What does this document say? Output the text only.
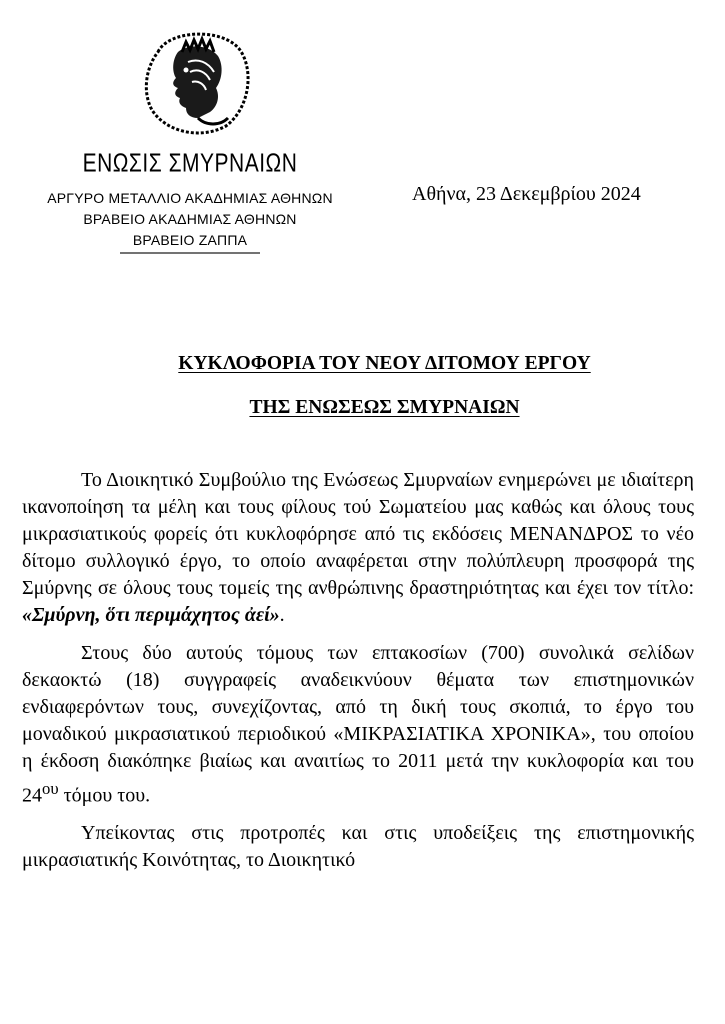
ΕΝΩΣΙΣ ΣΜΥΡΝΑΙΩΝ
ΑΡΓΥΡΟ ΜΕΤΑΛΛΙΟ ΑΚΑΔΗΜΙΑΣ ΑΘΗΝΩΝ
ΒΡΑΒΕΙΟ ΑΚΑΔΗΜΙΑΣ ΑΘΗΝΩΝ
ΒΡΑΒΕΙΟ ΖΑΠΠΑ
Αθήνα, 23 Δεκεμβρίου 2024
ΚΥΚΛΟΦΟΡΙΑ ΤΟΥ ΝΕΟΥ ΔΙΤΟΜΟΥ ΕΡΓΟΥ
ΤΗΣ ΕΝΩΣΕΩΣ ΣΜΥΡΝΑΙΩΝ

Το Διοικητικό Συμβούλιο της Ενώσεως Σμυρναίων ενημερώνει με ιδιαίτερη ικανοποίηση τα μέλη και τους φίλους τού Σωματείου μας καθώς και όλους τους μικρασιατικούς φορείς ότι κυκλοφόρησε από τις εκδόσεις ΜΕΝΑΝΔΡΟΣ το νέο δίτομο συλλογικό έργο, το οποίο αναφέρεται στην πολύπλευρη προσφορά της Σμύρνης σε όλους τους τομείς της ανθρώπινης δραστηριότητας και έχει τον τίτλο: «Σμύρνη, ὅτι περιμάχητος ἀεί».

Στους δύο αυτούς τόμους των επτακοσίων (700) συνολικά σελίδων δεκαοκτώ (18) συγγραφείς αναδεικνύουν θέματα των επιστημονικών ενδιαφερόντων τους, συνεχίζοντας, από τη δική τους σκοπιά, το έργο του μοναδικού μικρασιατικού περιοδικού «ΜΙΚΡΑΣΙΑΤΙΚΑ ΧΡΟΝΙΚΑ», του οποίου η έκδοση διακόπηκε βιαίως και αναιτίως το 2011 μετά την κυκλοφορία και του $24^{o\upsilon}$ τόμου του.

Υπείκοντας στις προτροπές και στις υποδείξεις της επιστημονικής μικρασιατικής Κοινότητας, το Διοικητικό
